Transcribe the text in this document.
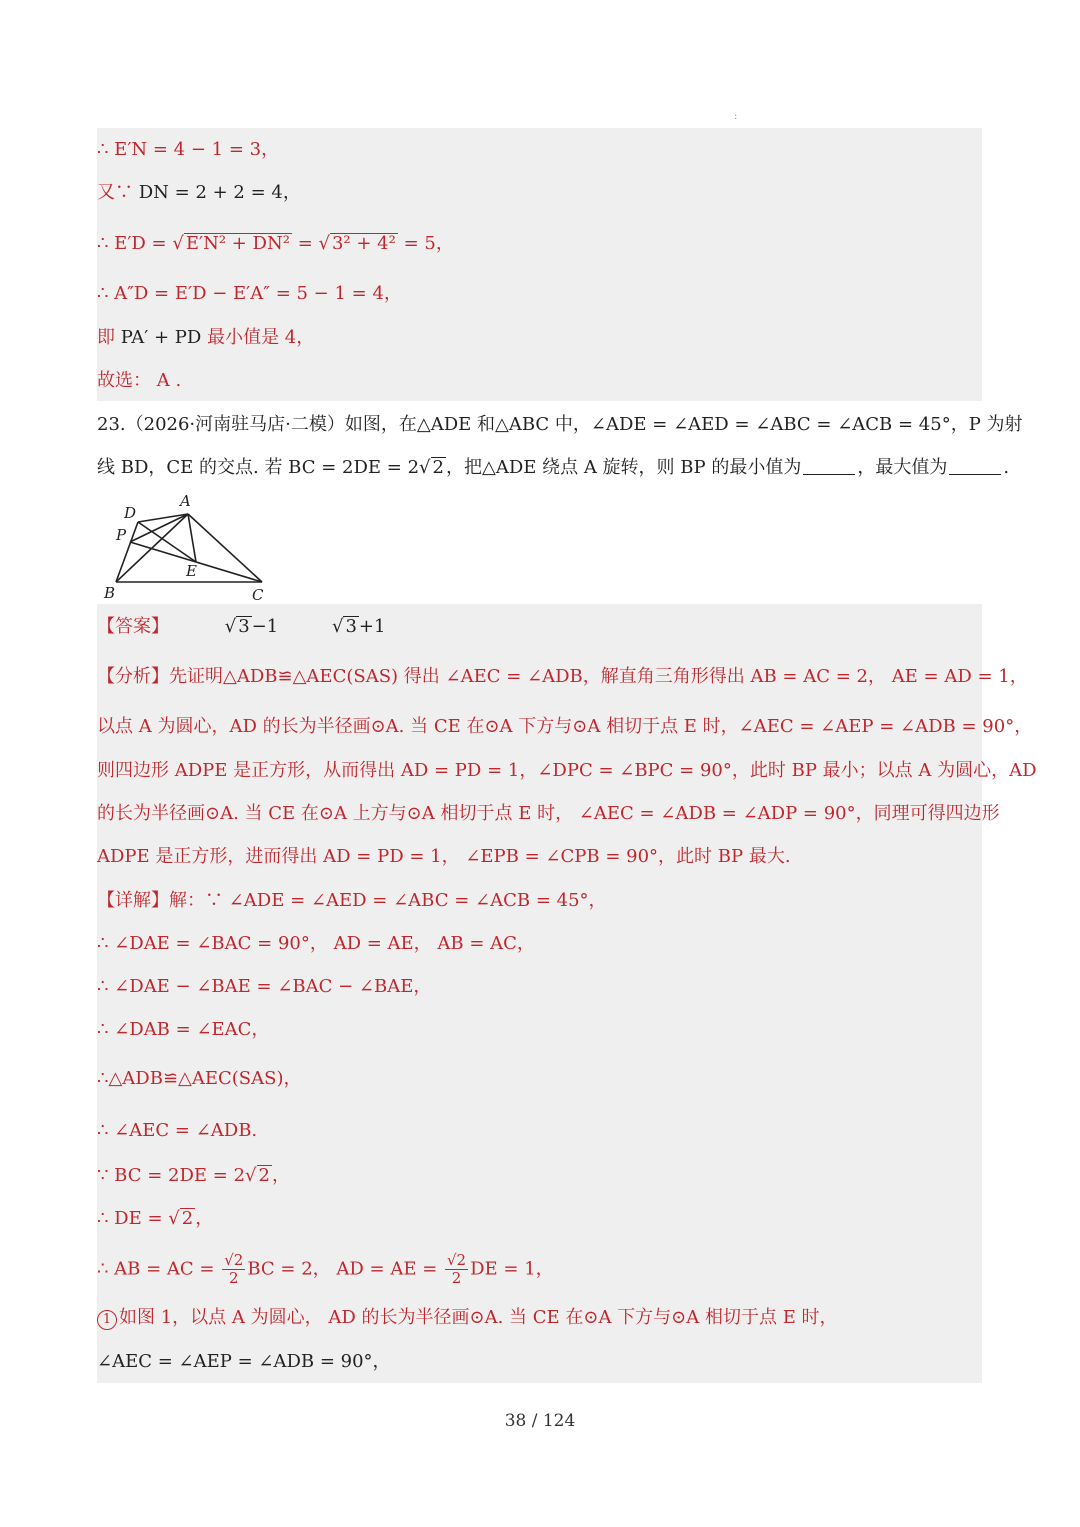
:
∴ E′N = 4 − 1 = 3，
又∵ DN = 2 + 2 = 4，
∴ E′D = √ E′N² + DN² = √ 3² + 4² = 5，
∴ A″D = E′D − E′A″ = 5 − 1 = 4，
即 PA′ + PD 最小值是 4，
故选： A .
23.（2026·河南驻马店·二模）如图，在△ADE 和△ABC 中，∠ADE = ∠AED = ∠ABC = ∠ACB = 45°，P 为射
线 BD，CE 的交点. 若 BC = 2DE = 2√ 2 ，把△ADE 绕点 A 旋转，则 BP 的最小值为	，最大值为	.
D
A
P
E
B	C
【答案】	√ 3 −1	√ 3 +1
【分析】先证明△ADB≌△AEC(SAS) 得出 ∠AEC = ∠ADB，解直角三角形得出 AB = AC = 2， AE = AD = 1，
以点 A 为圆心，AD 的长为半径画⊙A. 当 CE 在⊙A 下方与⊙A 相切于点 E 时，∠AEC = ∠AEP = ∠ADB = 90°，
则四边形 ADPE 是正方形，从而得出 AD = PD = 1，∠DPC = ∠BPC = 90°，此时 BP 最小；以点 A 为圆心，AD
的长为半径画⊙A. 当 CE 在⊙A 上方与⊙A 相切于点 E 时， ∠AEC = ∠ADB = ∠ADP = 90°，同理可得四边形
ADPE 是正方形，进而得出 AD = PD = 1， ∠EPB = ∠CPB = 90°，此时 BP 最大.
【详解】解：∵ ∠ADE = ∠AED = ∠ABC = ∠ACB = 45°，
∴ ∠DAE = ∠BAC = 90°， AD = AE， AB = AC，
∴ ∠DAE − ∠BAE = ∠BAC − ∠BAE，
∴ ∠DAB = ∠EAC，
∴△ADB≌△AEC(SAS)，
∴ ∠AEC = ∠ADB.
∵ BC = 2DE = 2√ 2 ，
∴ DE = √ 2 ，
∴ AB = AC = $\frac{√2}{2}$ BC = 2， AD = AE = $\frac{√2}{2}$ DE = 1，
1 如图 1，以点 A 为圆心， AD 的长为半径画⊙A. 当 CE 在⊙A 下方与⊙A 相切于点 E 时，
∠AEC = ∠AEP = ∠ADB = 90°，
38 / 124
